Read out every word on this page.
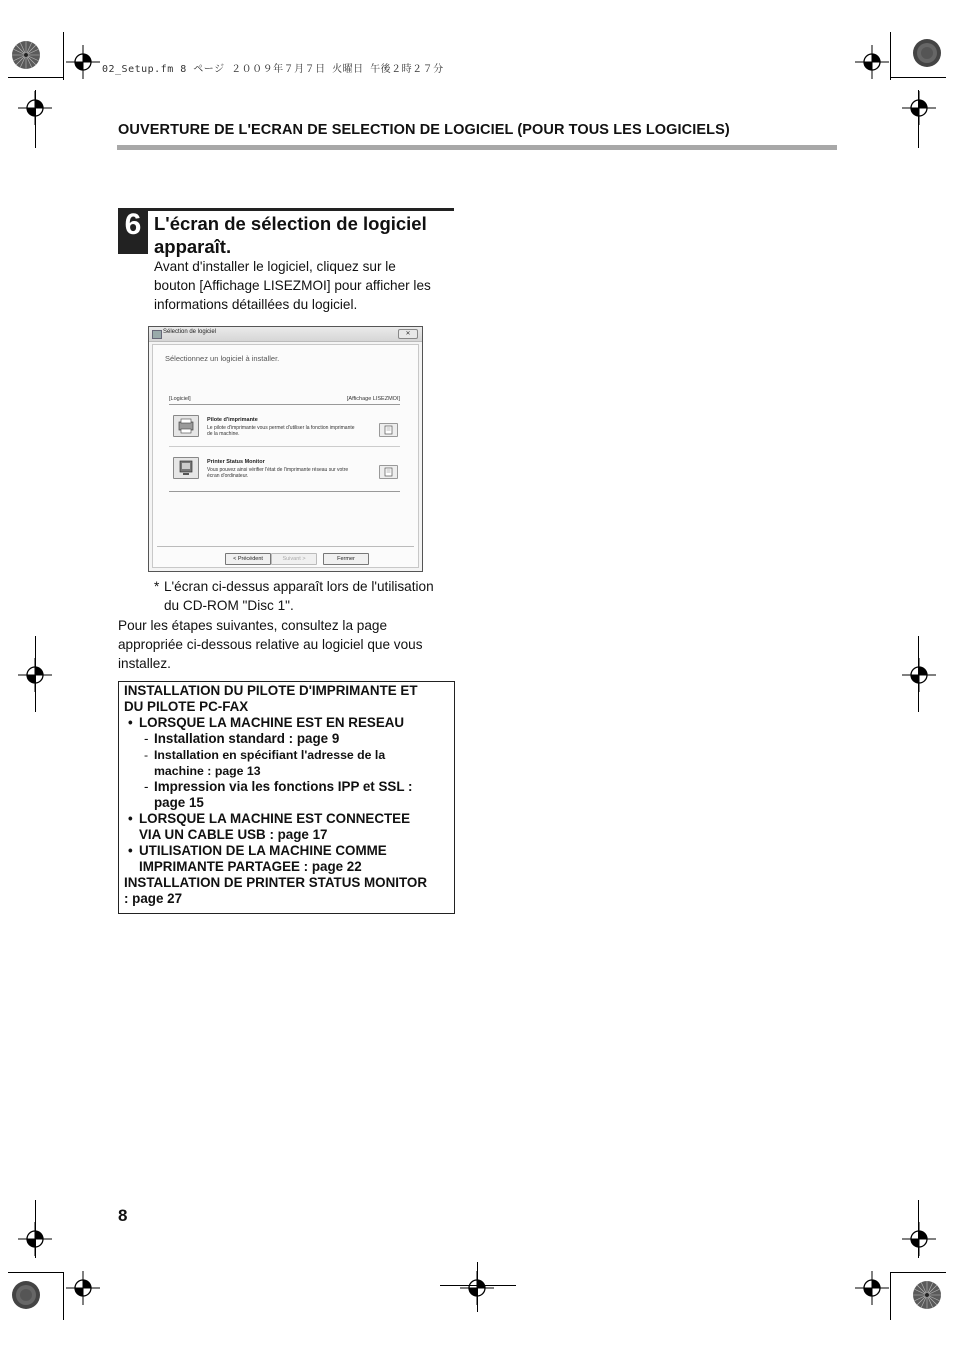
02_Setup.fm 8 ページ ２００９年７月７日 火曜日 午後２時２７分
OUVERTURE DE L'ECRAN DE SELECTION DE LOGICIEL (POUR TOUS LES LOGICIELS)
6 L'écran de sélection de logiciel
apparaît.
Avant d'installer le logiciel, cliquez sur le
bouton [Affichage LISEZMOI] pour afficher les
informations détaillées du logiciel.
Sélection de logiciel	✕
Sélectionnez un logiciel à installer.
[Logiciel]	[Affichage LISEZMOI]
Pilote d'imprimante
Le pilote d'imprimante vous permet d'utiliser la fonction imprimante
de la machine.
Printer Status Monitor
Vous pouvez ainsi vérifier l'état de l'imprimante réseau sur votre
écran d'ordinateur.
< Précédent	Suivant >	Fermer
* L'écran ci-dessus apparaît lors de l'utilisation
du CD-ROM "Disc 1".
Pour les étapes suivantes, consultez la page
appropriée ci-dessous relative au logiciel que vous
installez.
INSTALLATION DU PILOTE D'IMPRIMANTE ET
DU PILOTE PC-FAX
• LORSQUE LA MACHINE EST EN RESEAU
- Installation standard : page 9
- Installation en spécifiant l'adresse de la
machine : page 13
- Impression via les fonctions IPP et SSL :
page 15
• LORSQUE LA MACHINE EST CONNECTEE
VIA UN CABLE USB : page 17
• UTILISATION DE LA MACHINE COMME
IMPRIMANTE PARTAGEE : page 22
INSTALLATION DE PRINTER STATUS MONITOR
: page 27
8
